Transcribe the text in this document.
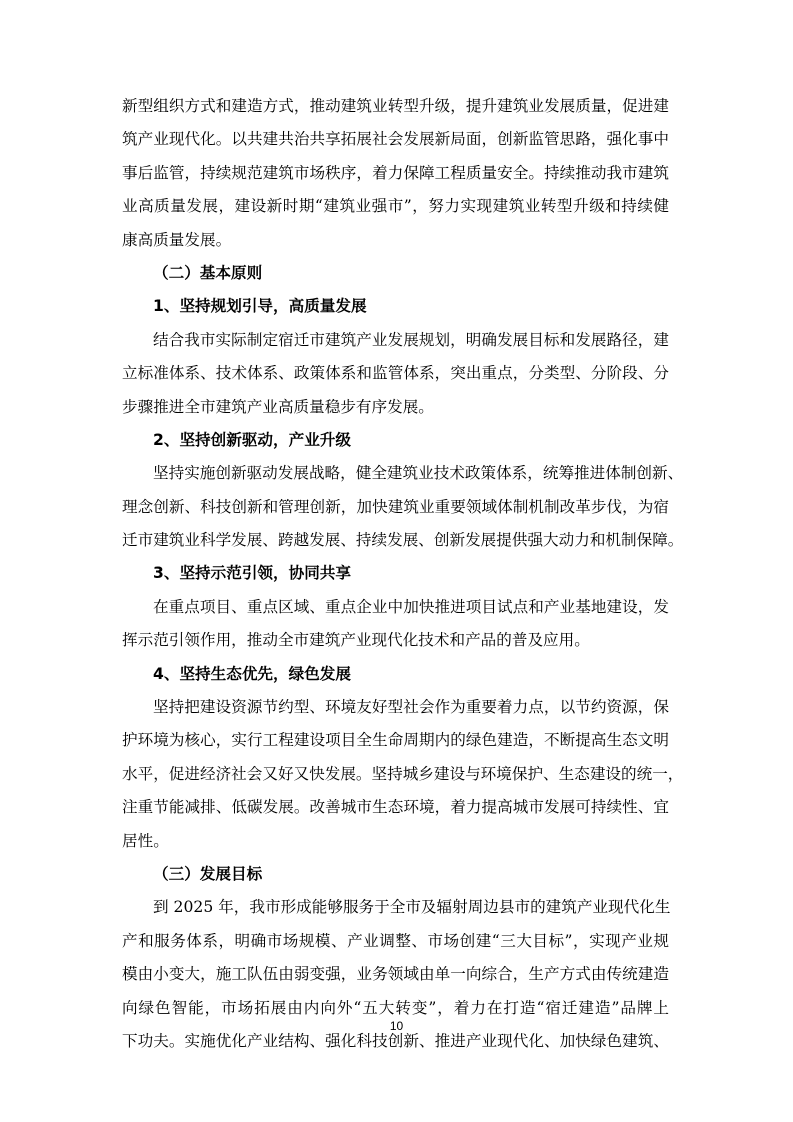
新型组织方式和建造方式，推动建筑业转型升级，提升建筑业发展质量，促进建
筑产业现代化。以共建共治共享拓展社会发展新局面，创新监管思路，强化事中
事后监管，持续规范建筑市场秩序，着力保障工程质量安全。持续推动我市建筑
业高质量发展，建设新时期“建筑业强市”，努力实现建筑业转型升级和持续健
康高质量发展。
（二）基本原则
1、坚持规划引导，高质量发展
结合我市实际制定宿迁市建筑产业发展规划，明确发展目标和发展路径，建
立标准体系、技术体系、政策体系和监管体系，突出重点，分类型、分阶段、分
步骤推进全市建筑产业高质量稳步有序发展。
2、坚持创新驱动，产业升级
坚持实施创新驱动发展战略，健全建筑业技术政策体系，统筹推进体制创新、
理念创新、科技创新和管理创新，加快建筑业重要领域体制机制改革步伐，为宿
迁市建筑业科学发展、跨越发展、持续发展、创新发展提供强大动力和机制保障。
3、坚持示范引领，协同共享
在重点项目、重点区域、重点企业中加快推进项目试点和产业基地建设，发
挥示范引领作用，推动全市建筑产业现代化技术和产品的普及应用。
4、坚持生态优先，绿色发展
坚持把建设资源节约型、环境友好型社会作为重要着力点，以节约资源，保
护环境为核心，实行工程建设项目全生命周期内的绿色建造，不断提高生态文明
水平，促进经济社会又好又快发展。坚持城乡建设与环境保护、生态建设的统一，
注重节能减排、低碳发展。改善城市生态环境，着力提高城市发展可持续性、宜
居性。
（三）发展目标
到 2025 年，我市形成能够服务于全市及辐射周边县市的建筑产业现代化生
产和服务体系，明确市场规模、产业调整、市场创建“三大目标”，实现产业规
模由小变大，施工队伍由弱变强，业务领域由单一向综合，生产方式由传统建造
向绿色智能，市场拓展由内向外“五大转变”，着力在打造“宿迁建造”品牌上
下功夫。实施优化产业结构、强化科技创新、推进产业现代化、加快绿色建筑、
10
